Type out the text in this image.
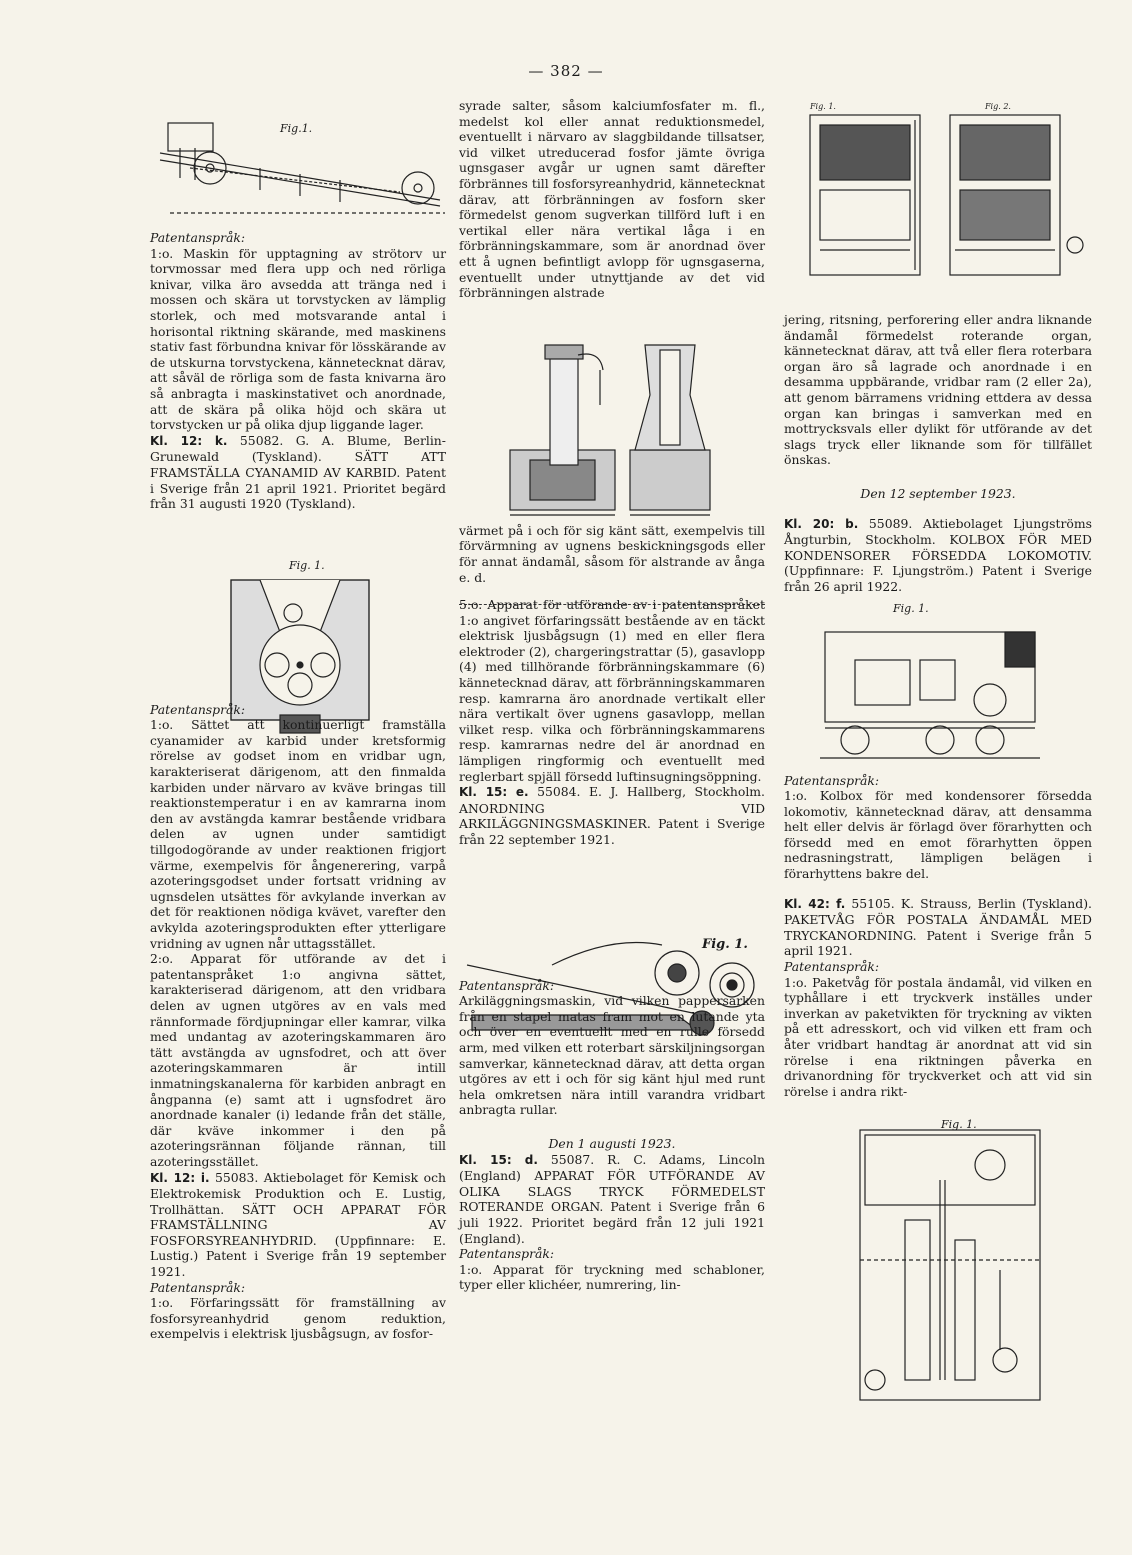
— 382 —
Fig.1.
Fig. 1.
Fig. 1.
Fig. 1.	Fig. 2.
Fig. 1.
Fig. 1.

Patentanspråk:

1:o. Maskin för upptagning av strötorv ur torvmossar med flera upp och ned rörliga knivar, vilka äro avsedda att tränga ned i mossen och skära ut torvstycken av lämplig storlek, och med motsvarande antal i horisontal riktning skärande, med maskinens stativ fast förbundna knivar för lösskärande av de utskurna torvstyckena, kännetecknat därav, att såväl de rörliga som de fasta knivarna äro så anbragta i maskinstativet och anordnade, att de skära på olika höjd och skära ut torvstycken ur på olika djup liggande lager.

Kl. 12: k. 55082. G. A. Blume, Berlin-Grunewald (Tyskland). SÄTT ATT FRAMSTÄLLA CYANAMID AV KARBID. Patent i Sverige från 21 april 1921. Prioritet begärd från 31 augusti 1920 (Tyskland).

Patentanspråk:

1:o. Sättet att kontinuerligt framställa cyanamider av karbid under kretsformig rörelse av godset inom en vridbar ugn, karakteriserat därigenom, att den finmalda karbiden under närvaro av kväve bringas till reaktionstemperatur i en av kamrarna inom den av avstängda kamrar bestående vridbara delen av ugnen under samtidigt tillgodogörande av under reaktionen frigjort värme, exempelvis för ångenerering, varpå azoteringsgodset under fortsatt vridning av ugnsdelen utsättes för avkylande inverkan av det för reaktionen nödiga kvävet, varefter den avkylda azoteringsprodukten efter ytterligare vridning av ugnen når uttagsstället.

2:o. Apparat för utförande av det i patentanspråket 1:o angivna sättet, karakteriserad därigenom, att den vridbara delen av ugnen utgöres av en vals med rännformade fördjupningar eller kamrar, vilka med undantag av azoteringskammaren äro tätt avstängda av ugnsfodret, och att över azoteringskammaren är intill inmatningskanalerna för karbiden anbragt en ångpanna (e) samt att i ugnsfodret äro anordnade kanaler (i) ledande från det ställe, där kväve inkommer i den på azoteringsrännan följande rännan, till azoteringsstället.

Kl. 12: i. 55083. Aktiebolaget för Kemisk och Elektrokemisk Produktion och E. Lustig, Trollhättan. SÄTT OCH APPARAT FÖR FRAMSTÄLLNING AV FOSFORSYREANHYDRID. (Uppfinnare: E. Lustig.) Patent i Sverige från 19 september 1921.

Patentanspråk:

1:o. Förfaringssätt för framställning av fosforsyreanhydrid genom reduktion, exempelvis i elektrisk ljusbågsugn, av fosfor-

syrade salter, såsom kalciumfosfater m. fl., medelst kol eller annat reduktionsmedel, eventuellt i närvaro av slaggbildande tillsatser, vid vilket utreducerad fosfor jämte övriga ugnsgaser avgår ur ugnen samt därefter förbrännes till fosforsyreanhydrid, kännetecknat därav, att förbränningen av fosforn sker förmedelst genom sugverkan tillförd luft i en vertikal eller nära vertikal låga i en förbränningskammare, som är anordnad över ett å ugnen befintligt avlopp för ugnsgaserna, eventuellt under utnyttjande av det vid förbränningen alstrade

värmet på i och för sig känt sätt, exempelvis till förvärmning av ugnens beskickningsgods eller för annat ändamål, såsom för alstrande av ånga e. d.

5:o. Apparat för utförande av i patentanspråket 1:o angivet förfaringssätt bestående av en täckt elektrisk ljusbågsugn (1) med en eller flera elektroder (2), chargeringstrattar (5), gasavlopp (4) med tillhörande förbränningskammare (6) kännetecknad därav, att förbränningskammaren resp. kamrarna äro anordnade vertikalt eller nära vertikalt över ugnens gasavlopp, mellan vilket resp. vilka och förbränningskammarens resp. kamrarnas nedre del är anordnad en lämpligen ringformig och eventuellt med reglerbart spjäll försedd luftinsugningsöppning.

Kl. 15: e. 55084. E. J. Hallberg, Stockholm. ANORDNING VID ARKILÄGGNINGSMASKINER. Patent i Sverige från 22 september 1921.

Patentanspråk:

Arkiläggningsmaskin, vid vilken pappersarken från en stapel matas fram mot en lutande yta och över en eventuellt med en rulle försedd arm, med vilken ett roterbart särskiljningsorgan samverkar, kännetecknad därav, att detta organ utgöres av ett i och för sig känt hjul med runt hela omkretsen nära intill varandra vridbart anbragta rullar.

Den 1 augusti 1923.

Kl. 15: d. 55087. R. C. Adams, Lincoln (England) APPARAT FÖR UTFÖRANDE AV OLIKA SLAGS TRYCK FÖRMEDELST ROTERANDE ORGAN. Patent i Sverige från 6 juli 1922. Prioritet begärd från 12 juli 1921 (England).

Patentanspråk:

1:o. Apparat för tryckning med schabloner, typer eller klichéer, numrering, lin-

jering, ritsning, perforering eller andra liknande ändamål förmedelst roterande organ, kännetecknat därav, att två eller flera roterbara organ äro så lagrade och anordnade i en desamma uppbärande, vridbar ram (2 eller 2a), att genom bärramens vridning ettdera av dessa organ kan bringas i samverkan med en mottrycksvals eller dylikt för utförande av det slags tryck eller liknande som för tillfället önskas.

Den 12 september 1923.

Kl. 20: b. 55089. Aktiebolaget Ljungströms Ångturbin, Stockholm. KOLBOX FÖR MED KONDENSORER FÖRSEDDA LOKOMOTIV. (Uppfinnare: F. Ljungström.) Patent i Sverige från 26 april 1922.

Patentanspråk:

1:o. Kolbox för med kondensorer försedda lokomotiv, kännetecknad därav, att densamma helt eller delvis är förlagd över förarhytten och försedd med en emot förarhytten öppen nedrasningstratt, lämpligen belägen i förarhyttens bakre del.

Kl. 42: f. 55105. K. Strauss, Berlin (Tyskland). PAKETVÅG FÖR POSTALA ÄNDAMÅL MED TRYCKANORDNING. Patent i Sverige från 5 april 1921.

Patentanspråk:

1:o. Paketvåg för postala ändamål, vid vilken en typhållare i ett tryckverk inställes under inverkan av paketvikten för tryckning av vikten på ett adresskort, och vid vilken ett fram och åter vridbart handtag är anordnat att vid sin rörelse i ena riktningen påverka en drivanordning för tryckverket och att vid sin rörelse i andra rikt-
